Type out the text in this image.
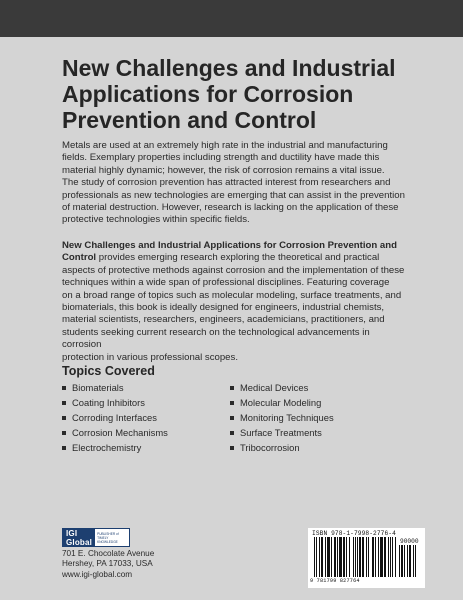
New Challenges and Industrial
Applications for Corrosion
Prevention and Control

Metals are used at an extremely high rate in the industrial and manufacturing
fields. Exemplary properties including strength and ductility have made this
material highly dynamic; however, the risk of corrosion remains a vital issue.
The study of corrosion prevention has attracted interest from researchers and
professionals as new technologies are emerging that can assist in the prevention
of material destruction. However, research is lacking on the application of these
protective technologies within specific fields.

New Challenges and Industrial Applications for Corrosion Prevention and
Control provides emerging research exploring the theoretical and practical
aspects of protective methods against corrosion and the implementation of these
techniques within a wide span of professional disciplines. Featuring coverage
on a broad range of topics such as molecular modeling, surface treatments, and
biomaterials, this book is ideally designed for engineers, industrial chemists,
material scientists, researchers, engineers, academicians, practitioners, and
students seeking current research on the technological advancements in corrosion
protection in various professional scopes.

Topics Covered
Biomaterials
Coating Inhibitors
Corroding Interfaces
Corrosion Mechanisms
Electrochemistry
Medical Devices
Molecular Modeling
Monitoring Techniques
Surface Treatments
Tribocorrosion
IGI Global
PUBLISHER of TIMELY KNOWLEDGE

701 E. Chocolate Avenue
Hershey, PA 17033, USA
www.igi-global.com

ISBN 978-1-7998-2776-4
90000
9 781799 827764
